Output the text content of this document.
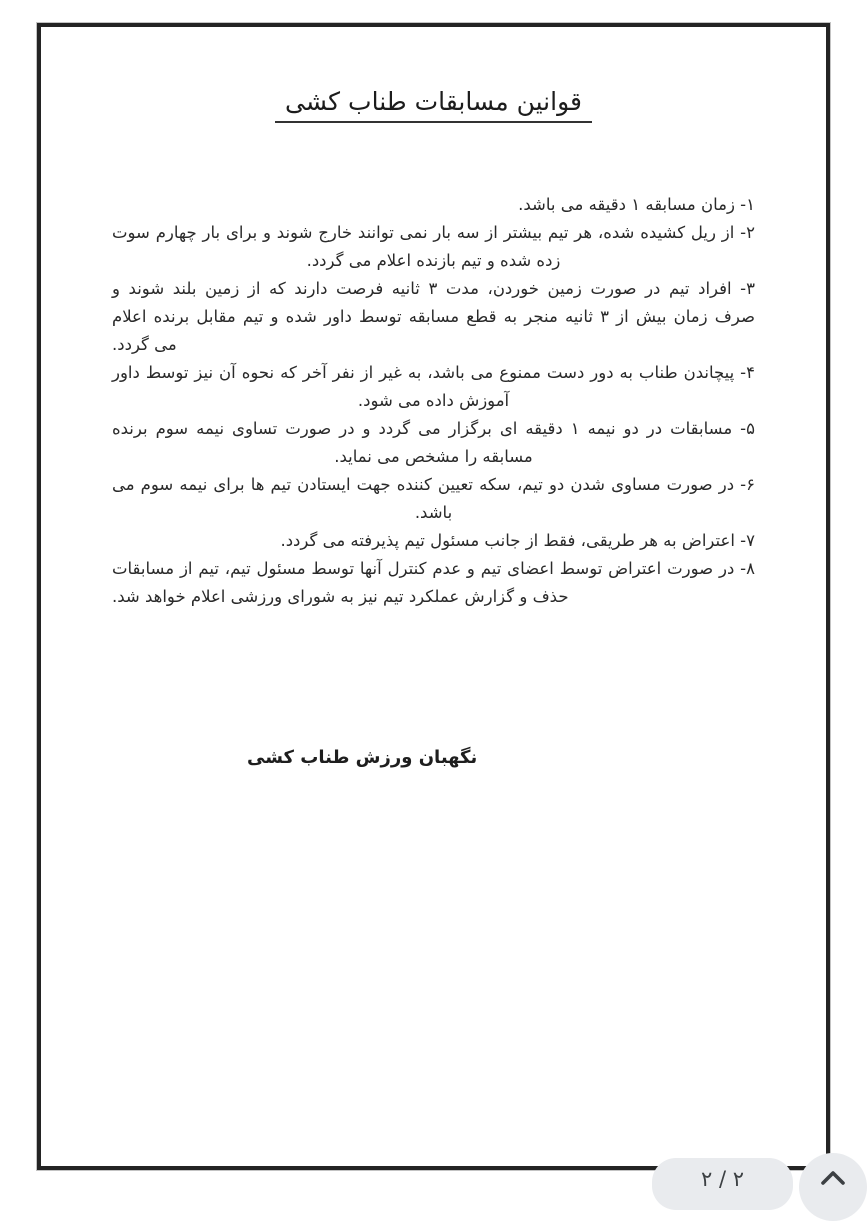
قوانین مسابقات طناب کشی
۱- زمان مسابقه ۱ دقیقه می باشد.
۲- از ریل کشیده شده، هر تیم بیشتر از سه بار نمی توانند خارج شوند و برای بار چهارم سوت
زده شده و تیم بازنده اعلام می گردد.
۳- افراد تیم در صورت زمین خوردن، مدت ۳ ثانیه فرصت دارند که از زمین بلند شوند و
صرف زمان بیش از ۳ ثانیه منجر به قطع مسابقه توسط داور شده و تیم مقابل برنده اعلام
می گردد.
۴- پیچاندن طناب به دور دست ممنوع می باشد، به غیر از نفر آخر که نحوه آن نیز توسط داور
آموزش داده می شود.
۵- مسابقات در دو نیمه ۱ دقیقه ای برگزار می گردد و در صورت تساوی نیمه سوم برنده
مسابقه را مشخص می نماید.
۶- در صورت مساوی شدن دو تیم، سکه تعیین کننده جهت ایستادن تیم ها برای نیمه سوم می
باشد.
۷- اعتراض به هر طریقی، فقط از جانب مسئول تیم پذیرفته می گردد.
۸- در صورت اعتراض توسط اعضای تیم و عدم کنترل آنها توسط مسئول تیم، تیم از مسابقات
حذف و گزارش عملکرد تیم نیز به شورای ورزشی اعلام خواهد شد.
نگهبان ورزش طناب کشی
۲ / ۲
